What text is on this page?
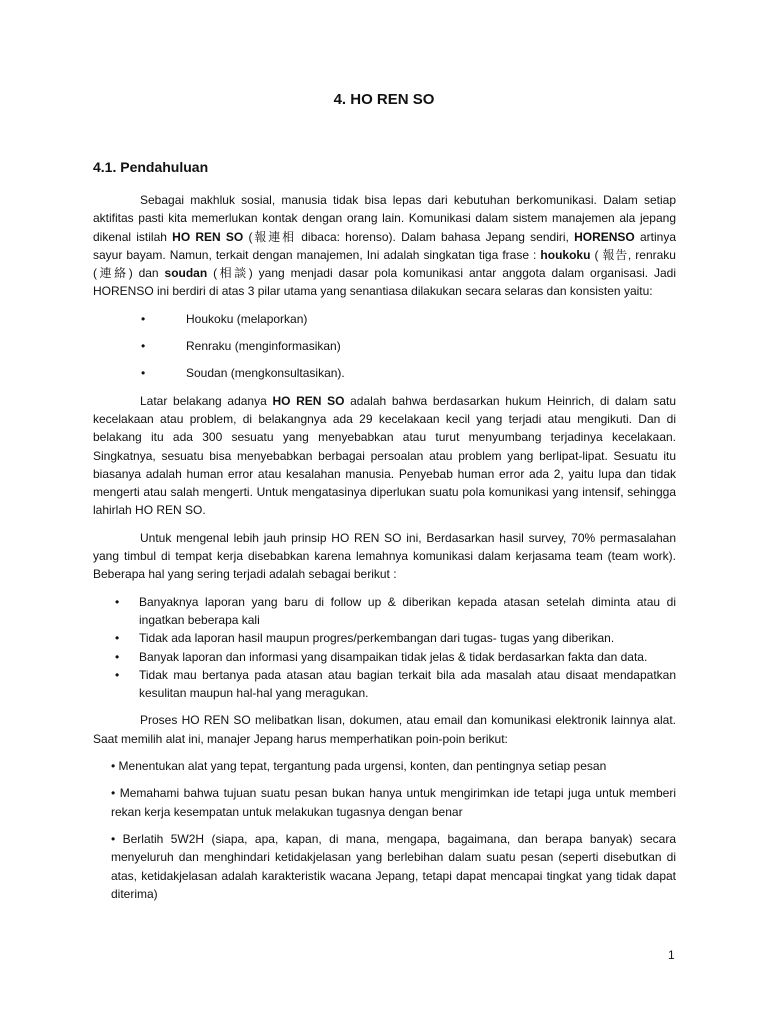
4. HO REN SO
4.1. Pendahuluan

Sebagai makhluk sosial, manusia tidak bisa lepas dari kebutuhan berkomunikasi. Dalam setiap aktifitas pasti kita memerlukan kontak dengan orang lain. Komunikasi dalam sistem manajemen ala jepang dikenal istilah HO REN SO (報連相 dibaca: horenso). Dalam bahasa Jepang sendiri, HORENSO artinya sayur bayam. Namun, terkait dengan manajemen, Ini adalah singkatan tiga frase : houkoku ( 報告, renraku (連絡) dan soudan (相談) yang menjadi dasar pola komunikasi antar anggota dalam organisasi. Jadi HORENSO ini berdiri di atas 3 pilar utama yang senantiasa dilakukan secara selaras dan konsisten yaitu:

•	Houkoku (melaporkan)
•	Renraku (menginformasikan)
•	Soudan (mengkonsultasikan).

Latar belakang adanya HO REN SO adalah bahwa berdasarkan hukum Heinrich, di dalam satu kecelakaan atau problem, di belakangnya ada 29 kecelakaan kecil yang terjadi atau mengikuti. Dan di belakang itu ada 300 sesuatu yang menyebabkan atau turut menyumbang terjadinya kecelakaan. Singkatnya, sesuatu bisa menyebabkan berbagai persoalan atau problem yang berlipat-lipat. Sesuatu itu biasanya adalah human error atau kesalahan manusia. Penyebab human error ada 2, yaitu lupa dan tidak mengerti atau salah mengerti. Untuk mengatasinya diperlukan suatu pola komunikasi yang intensif, sehingga lahirlah HO REN SO.

Untuk mengenal lebih jauh prinsip HO REN SO ini, Berdasarkan hasil survey, 70% permasalahan yang timbul di tempat kerja disebabkan karena lemahnya komunikasi dalam kerjasama team (team work). Beberapa hal yang sering terjadi adalah sebagai berikut :

• Banyaknya laporan yang baru di follow up & diberikan kepada atasan setelah diminta atau di ingatkan beberapa kali
• Tidak ada laporan hasil maupun progres/perkembangan dari tugas- tugas yang diberikan.
• Banyak laporan dan informasi yang disampaikan tidak jelas & tidak berdasarkan fakta dan data.
• Tidak mau bertanya pada atasan atau bagian terkait bila ada masalah atau disaat mendapatkan kesulitan maupun hal-hal yang meragukan.

Proses HO REN SO melibatkan lisan, dokumen, atau email dan komunikasi elektronik lainnya alat. Saat memilih alat ini, manajer Jepang harus memperhatikan poin-poin berikut:

• Menentukan alat yang tepat, tergantung pada urgensi, konten, dan pentingnya setiap pesan
• Memahami bahwa tujuan suatu pesan bukan hanya untuk mengirimkan ide tetapi juga untuk memberi rekan kerja kesempatan untuk melakukan tugasnya dengan benar
• Berlatih 5W2H (siapa, apa, kapan, di mana, mengapa, bagaimana, dan berapa banyak) secara menyeluruh dan menghindari ketidakjelasan yang berlebihan dalam suatu pesan (seperti disebutkan di atas, ketidakjelasan adalah karakteristik wacana Jepang, tetapi dapat mencapai tingkat yang tidak dapat diterima)
1
